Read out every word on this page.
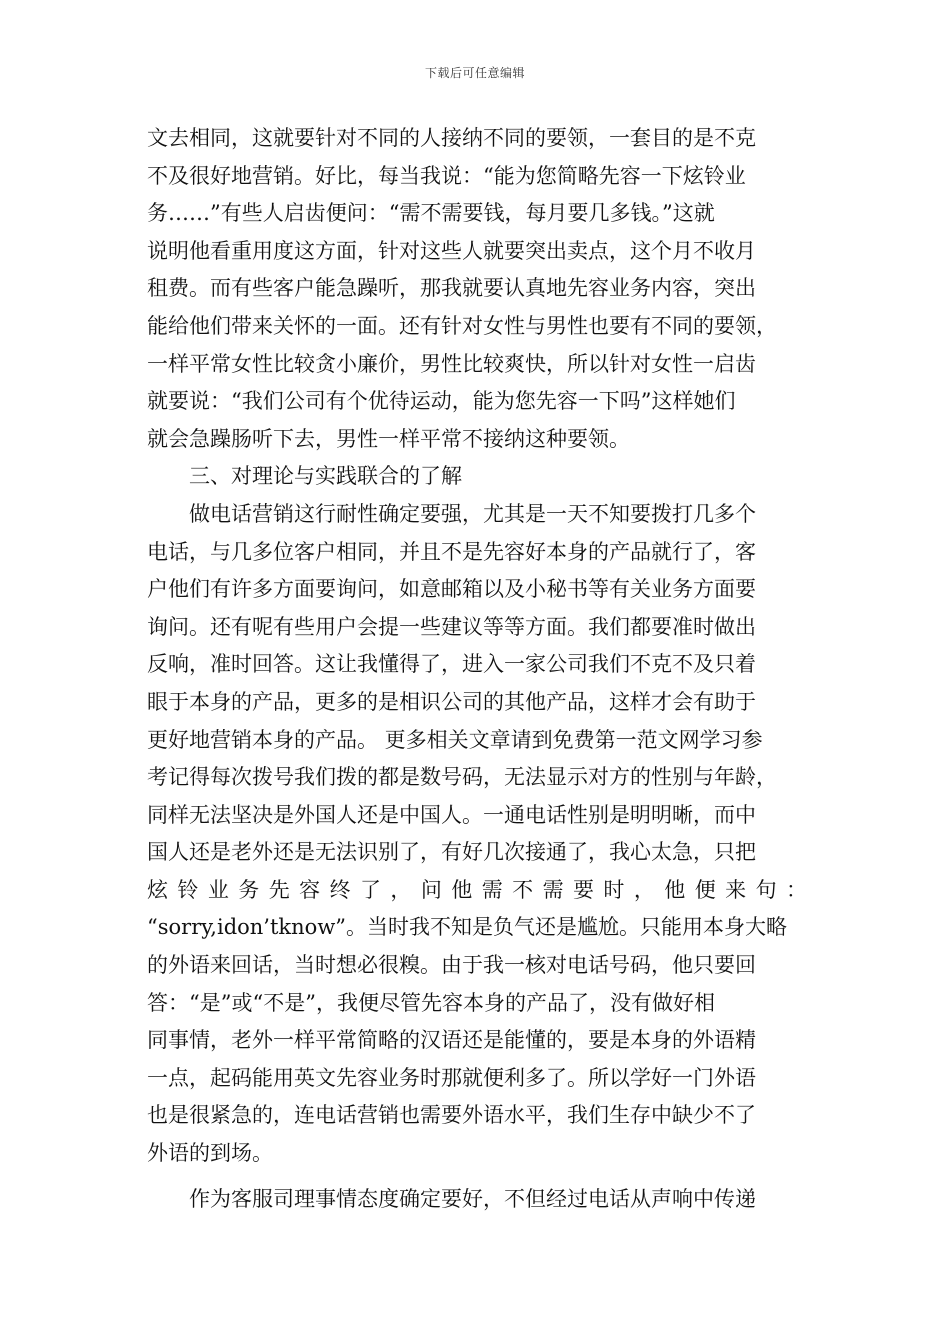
下载后可任意编辑
文去相同，这就要针对不同的人接纳不同的要领，一套目的是不克
不及很好地营销。好比，每当我说：“能为您简略先容一下炫铃业
务……”有些人启齿便问：“需不需要钱，每月要几多钱。”这就
说明他看重用度这方面，针对这些人就要突出卖点，这个月不收月
租费。而有些客户能急躁听，那我就要认真地先容业务内容，突出
能给他们带来关怀的一面。还有针对女性与男性也要有不同的要领，
一样平常女性比较贪小廉价，男性比较爽快，所以针对女性一启齿
就要说：“我们公司有个优待运动，能为您先容一下吗”这样她们
就会急躁肠听下去，男性一样平常不接纳这种要领。
三、对理论与实践联合的了解
做电话营销这行耐性确定要强，尤其是一天不知要拨打几多个
电话，与几多位客户相同，并且不是先容好本身的产品就行了，客
户他们有许多方面要询问，如意邮箱以及小秘书等有关业务方面要
询问。还有呢有些用户会提一些建议等等方面。我们都要准时做出
反响，准时回答。这让我懂得了，进入一家公司我们不克不及只着
眼于本身的产品，更多的是相识公司的其他产品，这样才会有助于
更好地营销本身的产品。 更多相关文章请到免费第一范文网学习参
考记得每次拨号我们拨的都是数号码，无法显示对方的性别与年龄，
同样无法坚决是外国人还是中国人。一通电话性别是明明晰，而中
国人还是老外还是无法识别了，有好几次接通了，我心太急，只把
炫铃业务先容终了，问他需不需要时，他便来句：
“sorry,idon’tknow”。当时我不知是负气还是尴尬。只能用本身大略
的外语来回话，当时想必很糗。由于我一核对电话号码，他只要回
答：“是”或“不是”，我便尽管先容本身的产品了，没有做好相
同事情，老外一样平常简略的汉语还是能懂的，要是本身的外语精
一点，起码能用英文先容业务时那就便利多了。所以学好一门外语
也是很紧急的，连电话营销也需要外语水平，我们生存中缺少不了
外语的到场。
作为客服司理事情态度确定要好，不但经过电话从声响中传递
